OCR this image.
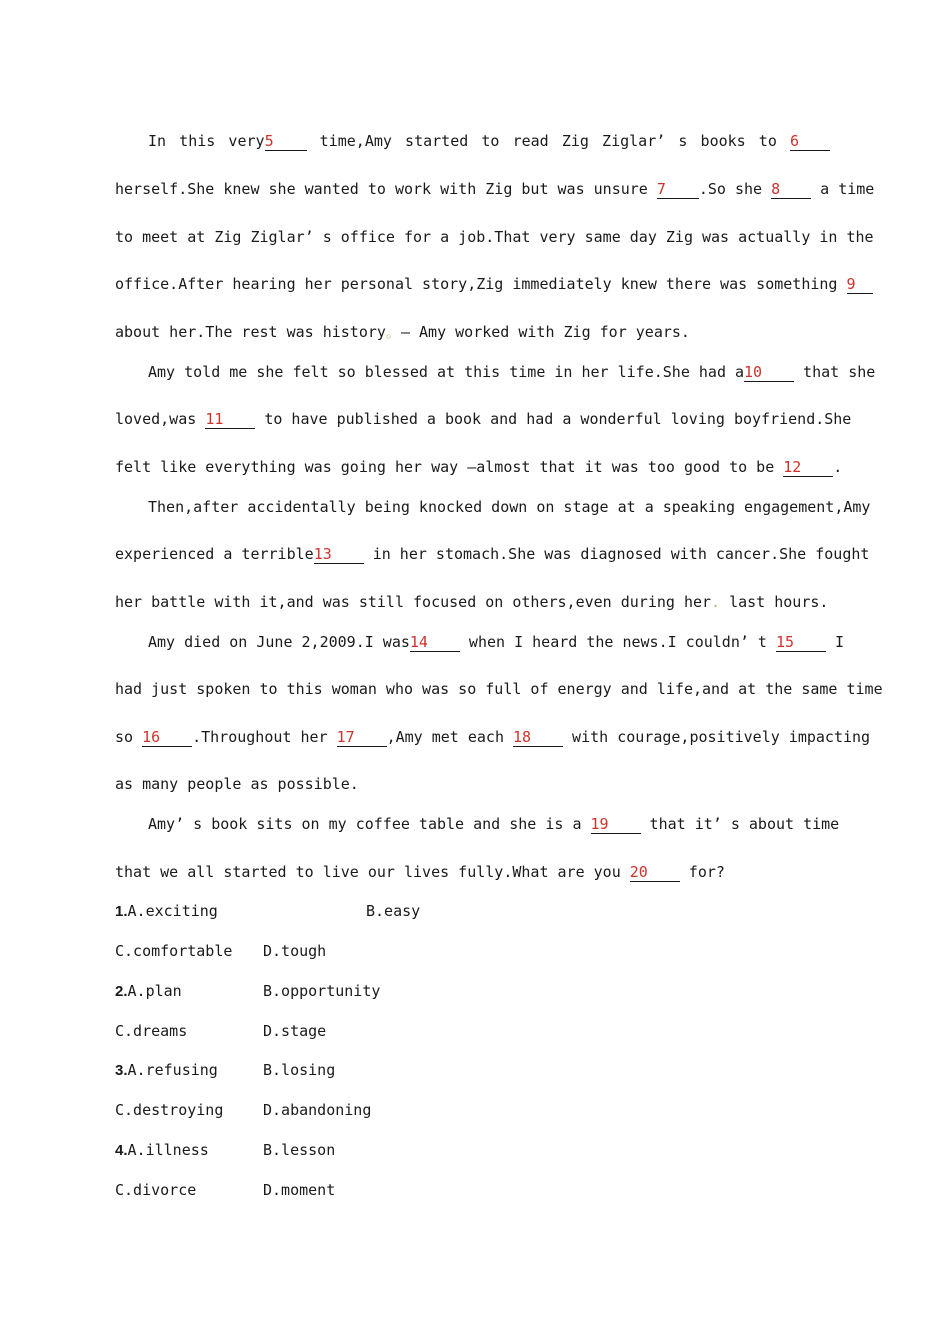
In this very5 time,Amy started to read Zig Ziglar’ s books to 6
herself.She knew she wanted to work with Zig but was unsure 7 .So she 8 a time
to meet at Zig Ziglar’ s office for a job.That very same day Zig was actually in the
office.After hearing her personal story,Zig immediately knew there was something 9
about her.The rest was history。— Amy worked with Zig for years.
Amy told me she felt so blessed at this time in her life.She had a10 that she
loved,was 11 to have published a book and had a wonderful loving boyfriend.She
felt like everything was going her way —almost that it was too good to be 12 .
Then,after accidentally being knocked down on stage at a speaking engagement,Amy
experienced a terrible13 in her stomach.She was diagnosed with cancer.She fought
her battle with it,and was still focused on others,even during her. last hours.
Amy died on June 2,2009.I was14 when I heard the news.I couldn’ t 15 I
had just spoken to this woman who was so full of energy and life,and at the same time
so 16 .Throughout her 17 ,Amy met each 18 with courage,positively impacting
as many people as possible.
Amy’ s book sits on my coffee table and she is a 19 that it’ s about time
that we all started to live our lives fully.What are you 20 for?
1.A.exciting	B.easy
C.comfortable D.tough
2.A.plan	B.opportunity
C.dreams	D.stage
3.A.refusing	B.losing
C.destroying	D.abandoning
4.A.illness	B.lesson
C.divorce	D.moment
